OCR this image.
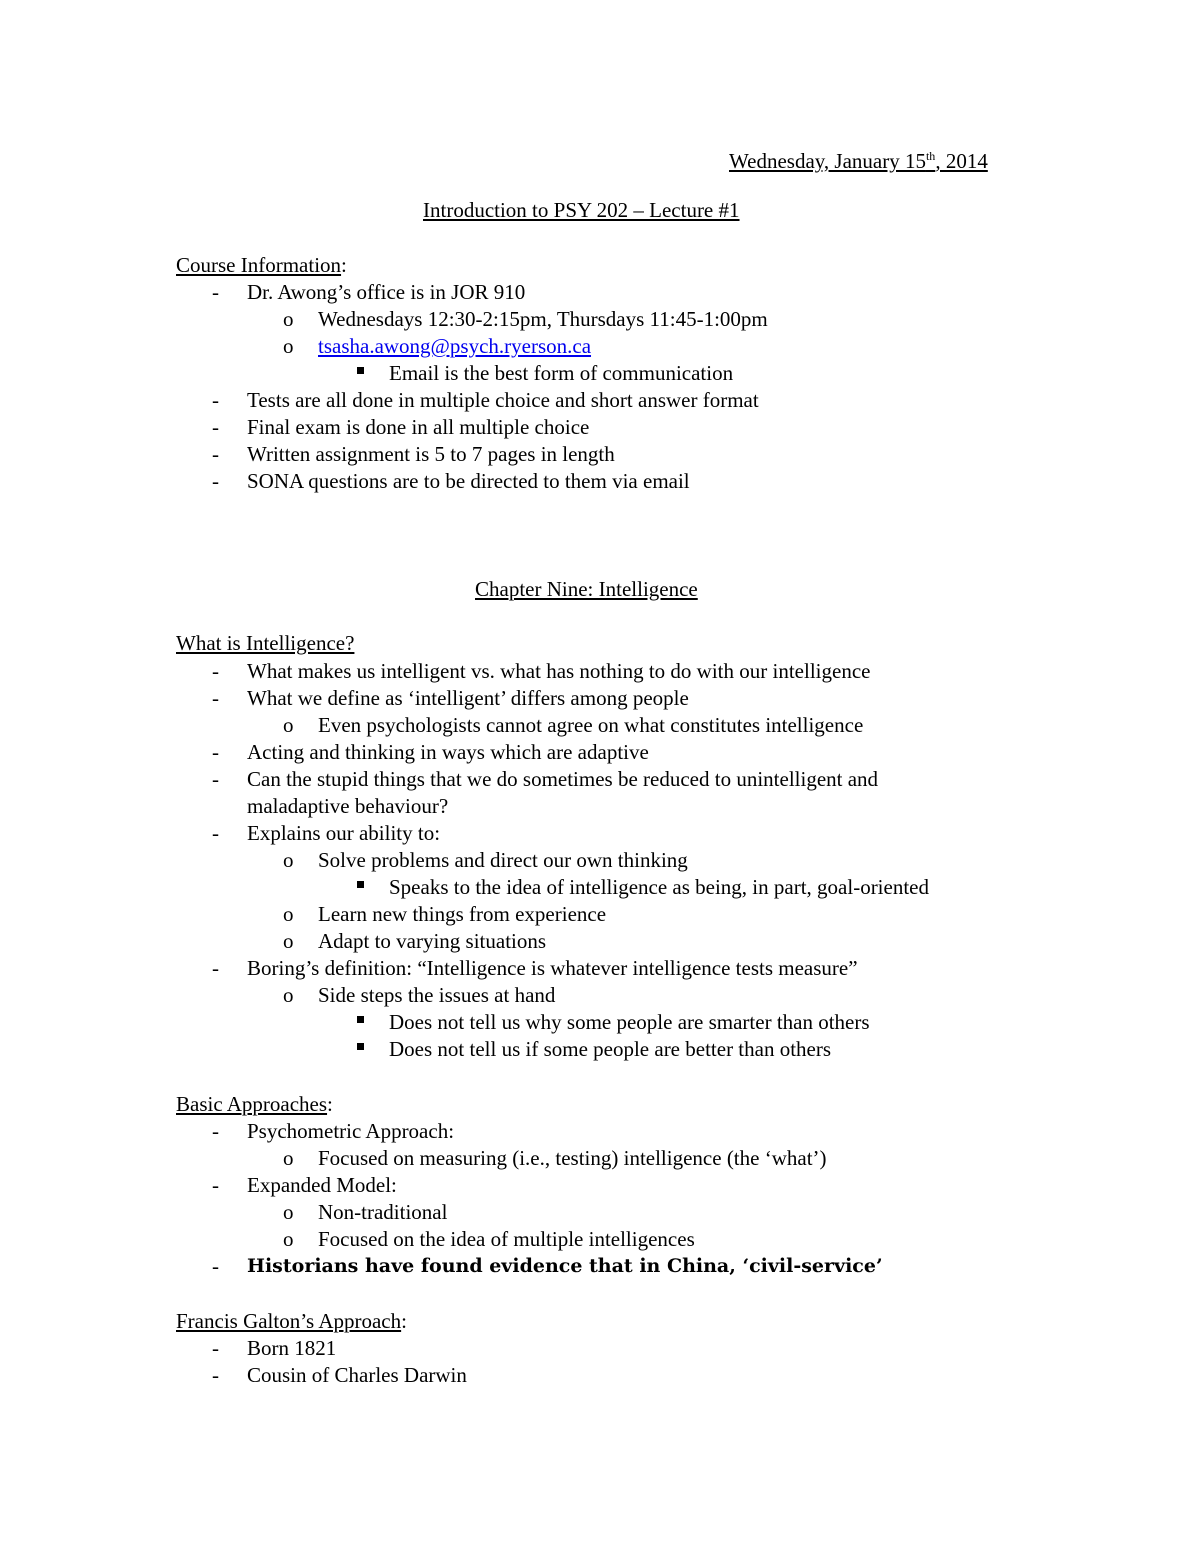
Wednesday, January 15th, 2014
Introduction to PSY 202 – Lecture #1
Course Information:
- Dr. Awong’s office is in JOR 910
o Wednesdays 12:30-2:15pm, Thursdays 11:45-1:00pm
o tsasha.awong@psych.ryerson.ca
Email is the best form of communication
- Tests are all done in multiple choice and short answer format
- Final exam is done in all multiple choice
- Written assignment is 5 to 7 pages in length
- SONA questions are to be directed to them via email
Chapter Nine: Intelligence
What is Intelligence?
- What makes us intelligent vs. what has nothing to do with our intelligence
- What we define as ‘intelligent’ differs among people
o Even psychologists cannot agree on what constitutes intelligence
- Acting and thinking in ways which are adaptive
- Can the stupid things that we do sometimes be reduced to unintelligent and
maladaptive behaviour?
- Explains our ability to:
o Solve problems and direct our own thinking
Speaks to the idea of intelligence as being, in part, goal-oriented
o Learn new things from experience
o Adapt to varying situations
- Boring’s definition: “Intelligence is whatever intelligence tests measure”
o Side steps the issues at hand
Does not tell us why some people are smarter than others
Does not tell us if some people are better than others
Basic Approaches:
- Psychometric Approach:
o Focused on measuring (i.e., testing) intelligence (the ‘what’)
- Expanded Model:
o Non-traditional
o Focused on the idea of multiple intelligences
- Historians have found evidence that in China, ‘civil-service’
Francis Galton’s Approach:
- Born 1821
- Cousin of Charles Darwin
